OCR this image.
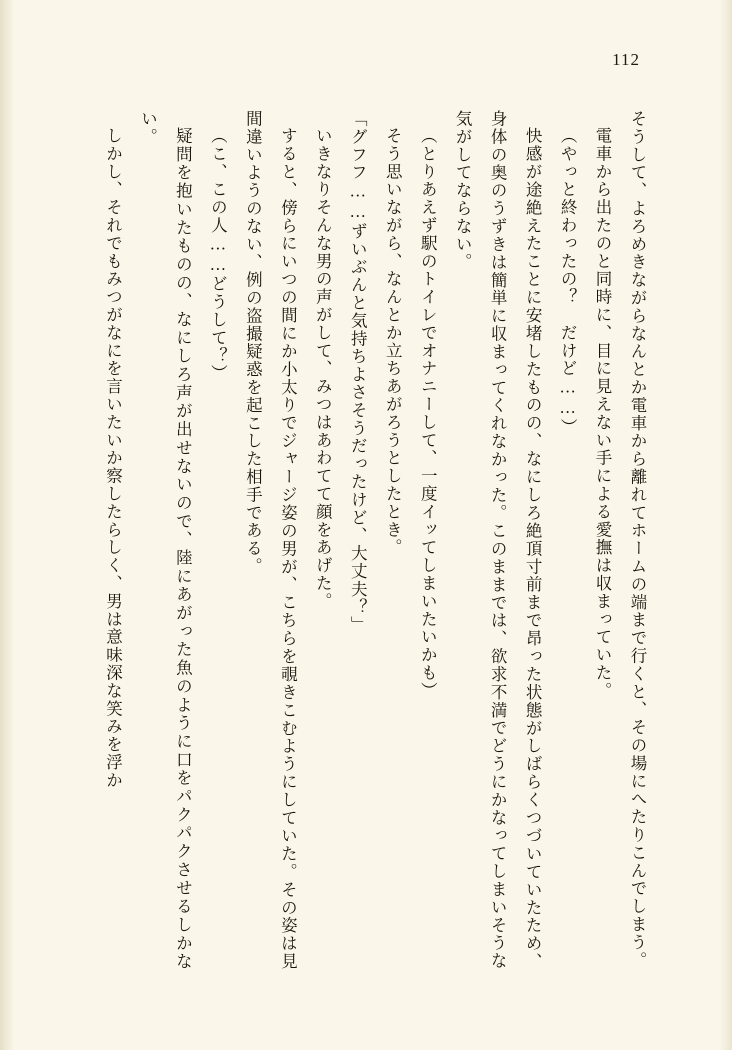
112

そうして、よろめきながらなんとか電車から離れてホームの端まで行くと、その場にへたりこんでしまう。

電車から出たのと同時に、目に見えない手による愛撫は収まっていた。

（やっと終わったの？　だけど……）

快感が途絶えたことに安堵したものの、なにしろ絶頂寸前まで昂った状態がしばらくつづいていたため、身体の奥のうずきは簡単に収まってくれなかった。このままでは、欲求不満でどうにかなってしまいそうな気がしてならない。

（とりあえず駅のトイレでオナニーして、一度イッてしまいたいかも）

そう思いながら、なんとか立ちあがろうとしたとき。

「グフフ……ずいぶんと気持ちよさそうだったけど、大丈夫？」

いきなりそんな男の声がして、みつはあわてて顔をあげた。

すると、傍らにいつの間にか小太りでジャージ姿の男が、こちらを覗きこむようにしていた。その姿は見間違いようのない、例の盗撮疑惑を起こした相手である。

（こ、この人……どうして？）

疑問を抱いたものの、なにしろ声が出せないので、陸にあがった魚のように口をパクパクさせるしかない。

しかし、それでもみつがなにを言いたいか察したらしく、男は意味深な笑みを浮か
